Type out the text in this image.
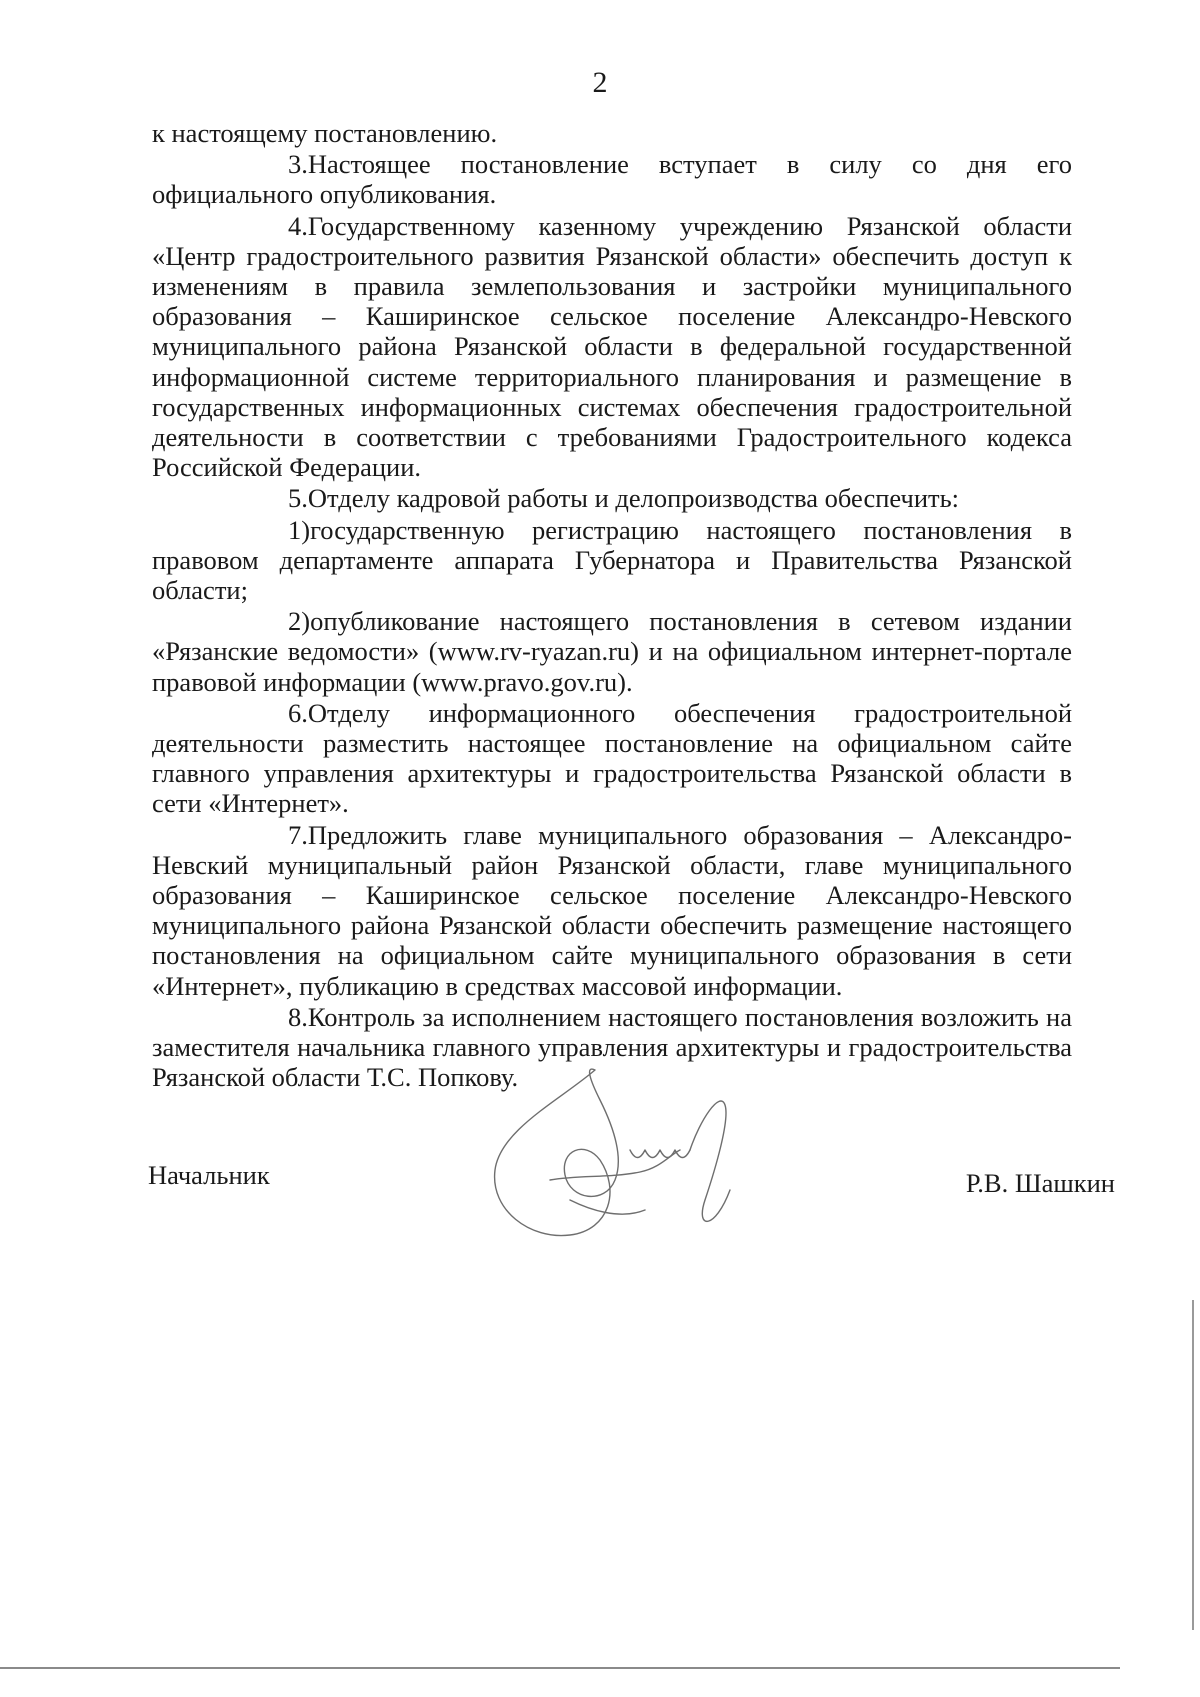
2

к настоящему постановлению.

3.Настоящее постановление вступает в силу со дня его официального опубликования.

4.Государственному казенному учреждению Рязанской области «Центр градостроительного развития Рязанской области» обеспечить доступ к изменениям в правила землепользования и застройки муниципального образования – Каширинское сельское поселение Александро-Невского муниципального района Рязанской области в федеральной государственной информационной системе территориального планирования и размещение в государственных информационных системах обеспечения градостроительной деятельности в соответствии с требованиями Градостроительного кодекса Российской Федерации.

5.Отделу кадровой работы и делопроизводства обеспечить:

1)государственную регистрацию настоящего постановления в правовом департаменте аппарата Губернатора и Правительства Рязанской области;

2)опубликование настоящего постановления в сетевом издании «Рязанские ведомости» (www.rv-ryazan.ru) и на официальном интернет-портале правовой информации (www.pravo.gov.ru).

6.Отделу информационного обеспечения градостроительной деятельности разместить настоящее постановление на официальном сайте главного управления архитектуры и градостроительства Рязанской области в сети «Интернет».

7.Предложить главе муниципального образования – Александро-Невский муниципальный район Рязанской области, главе муниципального образования – Каширинское сельское поселение Александро-Невского муниципального района Рязанской области обеспечить размещение настоящего постановления на официальном сайте муниципального образования в сети «Интернет», публикацию в средствах массовой информации.

8.Контроль за исполнением настоящего постановления возложить на заместителя начальника главного управления архитектуры и градостроительства Рязанской области Т.С. Попкову.

Начальник	Р.В. Шашкин
